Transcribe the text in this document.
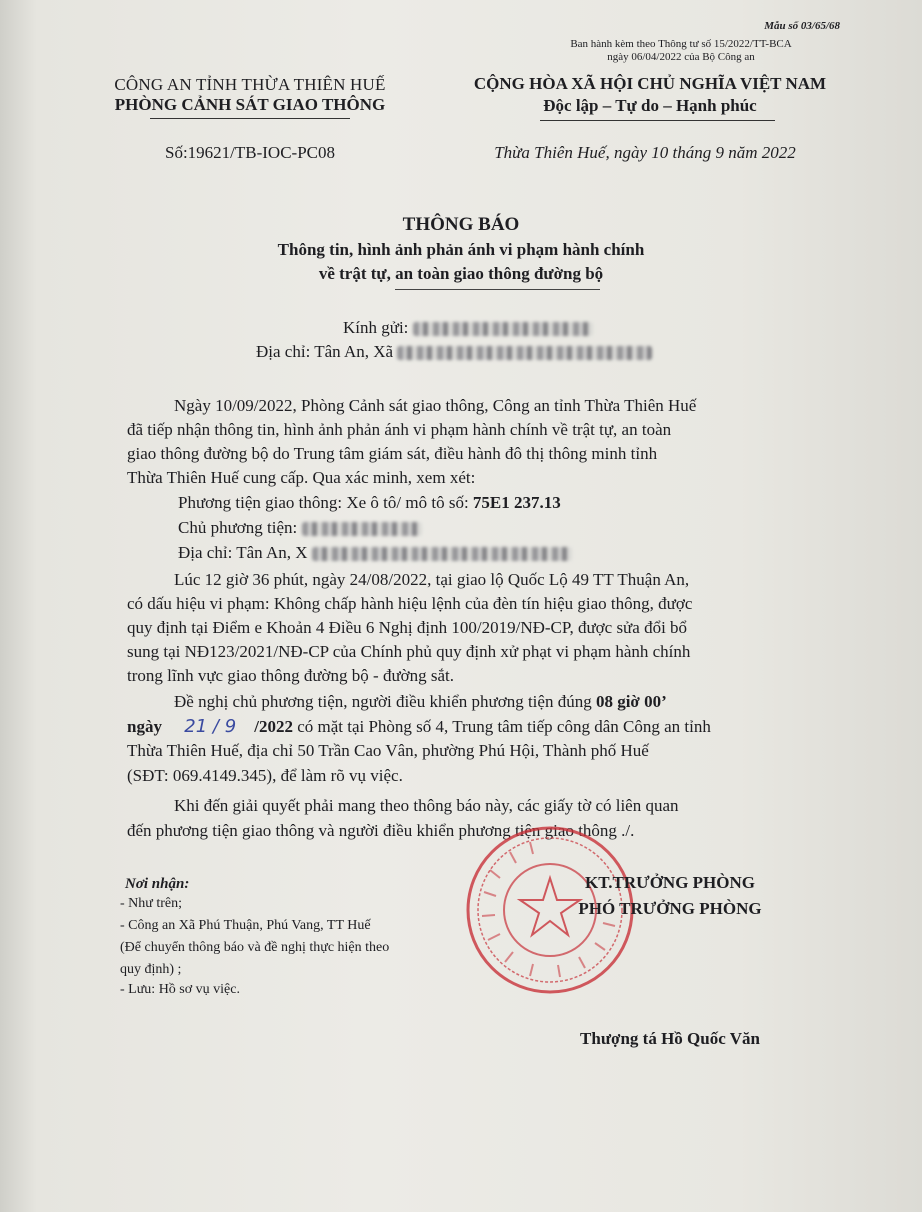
Mẫu số 03/65/68
Ban hành kèm theo Thông tư số 15/2022/TT-BCA
ngày 06/04/2022 của Bộ Công an
CÔNG AN TỈNH THỪA THIÊN HUẾ
PHÒNG CẢNH SÁT GIAO THÔNG
CỘNG HÒA XÃ HỘI CHỦ NGHĨA VIỆT NAM
Độc lập – Tự do – Hạnh phúc
Số:19621/TB-IOC-PC08	Thừa Thiên Huế, ngày 10 tháng 9 năm 2022
THÔNG BÁO
Thông tin, hình ảnh phản ánh vi phạm hành chính
về trật tự, an toàn giao thông đường bộ
Kính gửi:
Địa chỉ: Tân An, Xã
Ngày 10/09/2022, Phòng Cảnh sát giao thông, Công an tỉnh Thừa Thiên Huế
đã tiếp nhận thông tin, hình ảnh phản ánh vi phạm hành chính về trật tự, an toàn
giao thông đường bộ do Trung tâm giám sát, điều hành đô thị thông minh tỉnh
Thừa Thiên Huế cung cấp. Qua xác minh, xem xét:
Phương tiện giao thông: Xe ô tô/ mô tô số: 75E1 237.13
Chủ phương tiện:
Địa chỉ: Tân An, X
Lúc 12 giờ 36 phút, ngày 24/08/2022, tại giao lộ Quốc Lộ 49 TT Thuận An,
có dấu hiệu vi phạm: Không chấp hành hiệu lệnh của đèn tín hiệu giao thông, được
quy định tại Điểm e Khoản 4 Điều 6 Nghị định 100/2019/NĐ-CP, được sửa đổi bổ
sung tại NĐ123/2021/NĐ-CP của Chính phủ quy định xử phạt vi phạm hành chính
trong lĩnh vực giao thông đường bộ - đường sắt.
Đề nghị chủ phương tiện, người điều khiển phương tiện đúng 08 giờ 00’
ngày 21 / 9 /2022 có mặt tại Phòng số 4, Trung tâm tiếp công dân Công an tỉnh
Thừa Thiên Huế, địa chỉ 50 Trần Cao Vân, phường Phú Hội, Thành phố Huế
(SĐT: 069.4149.345), để làm rõ vụ việc.
Khi đến giải quyết phải mang theo thông báo này, các giấy tờ có liên quan
đến phương tiện giao thông và người điều khiển phương tiện giao thông ./.
Nơi nhận:
- Như trên;
- Công an Xã Phú Thuận, Phú Vang, TT Huế
(Để chuyển thông báo và đề nghị thực hiện theo
quy định) ;
- Lưu: Hồ sơ vụ việc.
KT.TRƯỞNG PHÒNG
PHÓ TRƯỞNG PHÒNG
Thượng tá Hồ Quốc Văn
